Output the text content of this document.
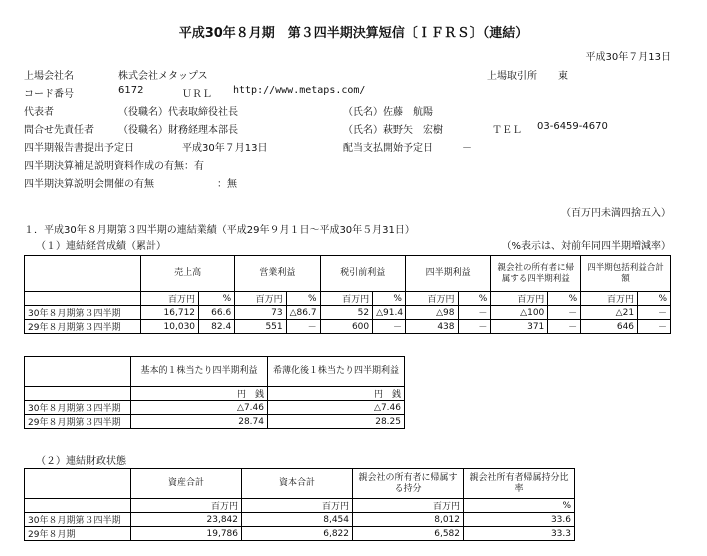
平成30年８月期　第３四半期決算短信〔ＩＦＲＳ〕（連結）
平成30年７月13日
上場会社名	株式会社メタップス	上場取引所 東
コード番号	6172	ＵＲＬ http://www.metaps.com/
代表者	（役職名）代表取締役社長	（氏名）佐藤　航陽
問合せ先責任者 （役職名）財務経理本部長	（氏名）萩野矢　宏樹	ＴＥＬ 03-6459-4670
四半期報告書提出予定日	平成30年７月13日	配当支払開始予定日	－
四半期決算補足説明資料作成の有無：有
四半期決算説明会開催の有無	：無
（百万円未満四捨五入）
１．平成30年８月期第３四半期の連結業績（平成29年９月１日～平成30年５月31日）
（１）連結経営成績（累計）	（%表示は、対前年同四半期増減率）
	売上高		営業利益		税引前利益		四半期利益		親会社の所有者に帰属する四半期利益		四半期包括利益合計額	
	百万円	%	百万円	%	百万円	%	百万円	%	百万円	%	百万円	%
30年８月期第３四半期	16,712	66.6	73	△86.7	52	△91.4	△98	－	△100	－	△21	－
29年８月期第３四半期	10,030	82.4	551	－	600	－	438	－	371	－	646	－
	基本的１株当たり四半期利益	希薄化後１株当たり四半期利益
	円　銭	円　銭
30年８月期第３四半期	△7.46	△7.46
29年８月期第３四半期	28.74	28.25
（２）連結財政状態
	資産合計	資本合計	親会社の所有者に帰属する持分	親会社所有者帰属持分比率
	百万円	百万円	百万円	%
30年８月期第３四半期	23,842	8,454	8,012	33.6
29年８月期	19,786	6,822	6,582	33.3
